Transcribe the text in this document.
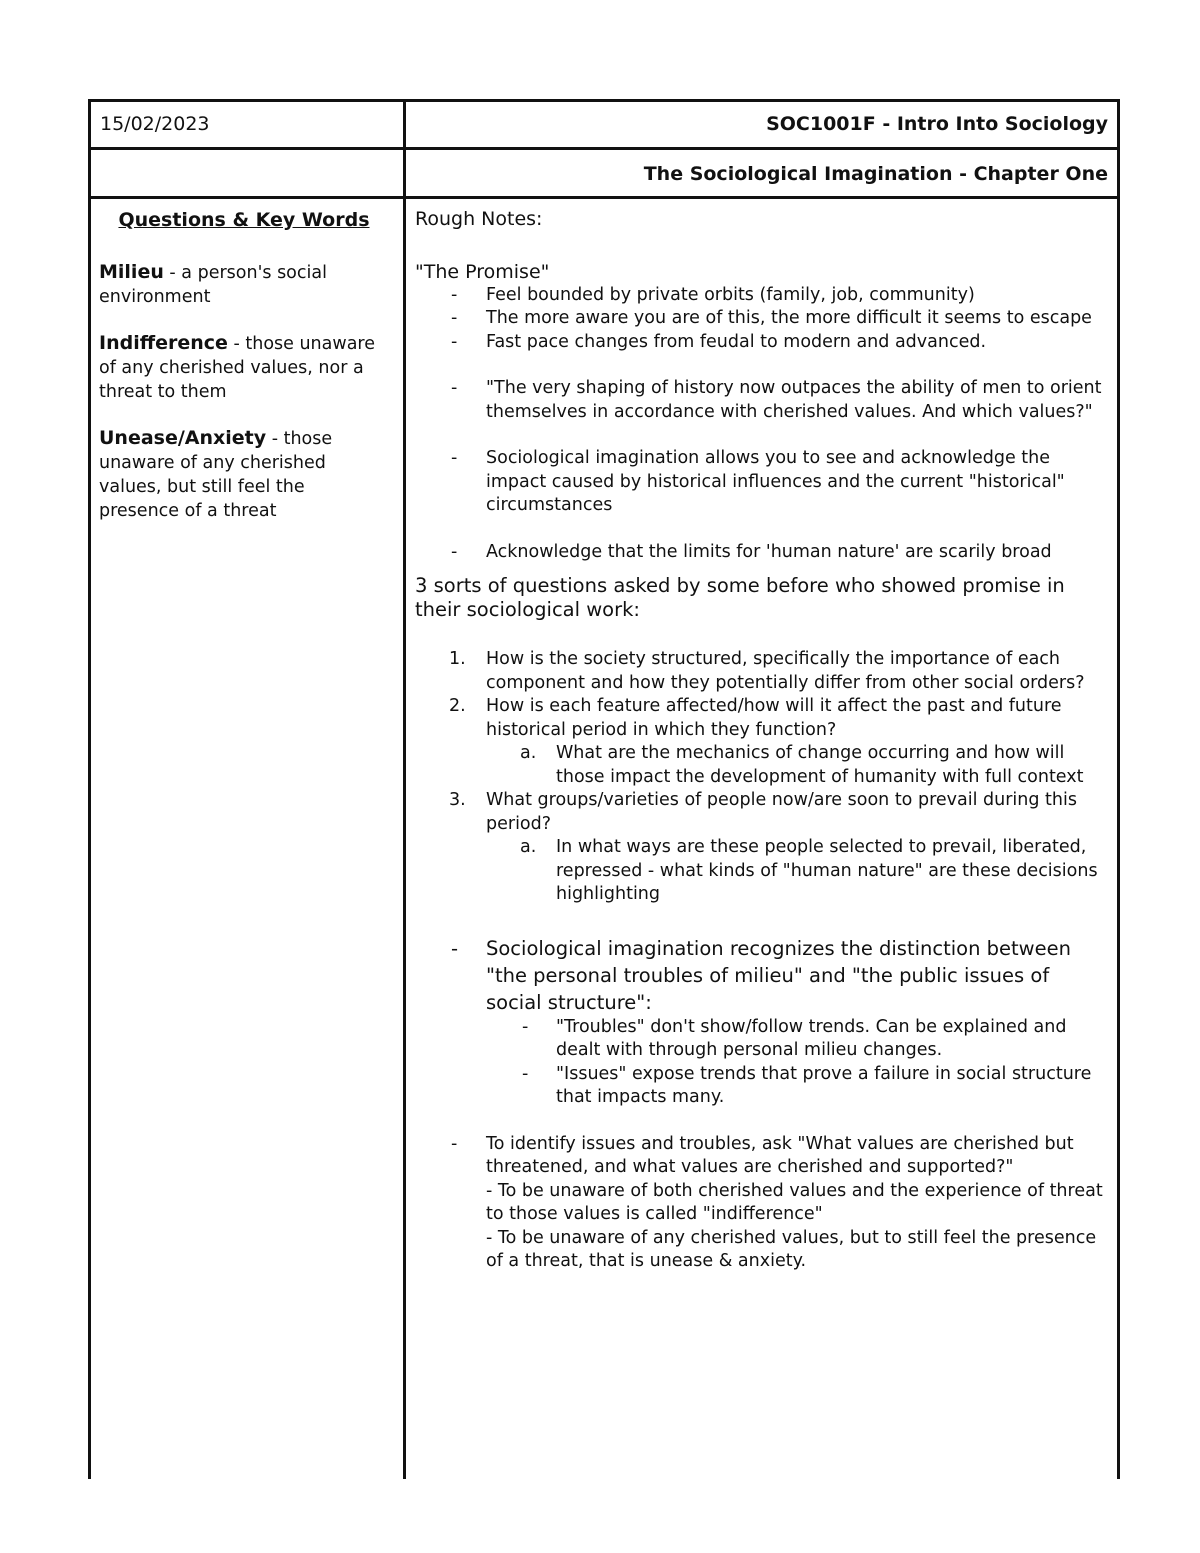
15/02/2023	SOC1001F - Intro Into Sociology
The Sociological Imagination - Chapter One
Questions & Key Words
Milieu - a person's social environment
Indifference - those unaware of any cherished values, nor a threat to them
Unease/Anxiety - those unaware of any cherished values, but still feel the presence of a threat
Rough Notes:
"The Promise"
- Feel bounded by private orbits (family, job, community)
- The more aware you are of this, the more difficult it seems to escape
- Fast pace changes from feudal to modern and advanced.
- "The very shaping of history now outpaces the ability of men to orient themselves in accordance with cherished values. And which values?"
- Sociological imagination allows you to see and acknowledge the impact caused by historical influences and the current "historical" circumstances
- Acknowledge that the limits for 'human nature' are scarily broad
3 sorts of questions asked by some before who showed promise in their sociological work:
1. How is the society structured, specifically the importance of each component and how they potentially differ from other social orders?
2. How is each feature affected/how will it affect the past and future historical period in which they function?
a. What are the mechanics of change occurring and how will those impact the development of humanity with full context
3. What groups/varieties of people now/are soon to prevail during this period?
a. In what ways are these people selected to prevail, liberated, repressed - what kinds of "human nature" are these decisions highlighting
- Sociological imagination recognizes the distinction between "the personal troubles of milieu" and "the public issues of social structure":
- "Troubles" don't show/follow trends. Can be explained and dealt with through personal milieu changes.
- "Issues" expose trends that prove a failure in social structure that impacts many.
- To identify issues and troubles, ask "What values are cherished but threatened, and what values are cherished and supported?"
- To be unaware of both cherished values and the experience of threat to those values is called "indifference"
- To be unaware of any cherished values, but to still feel the presence of a threat, that is unease & anxiety.
